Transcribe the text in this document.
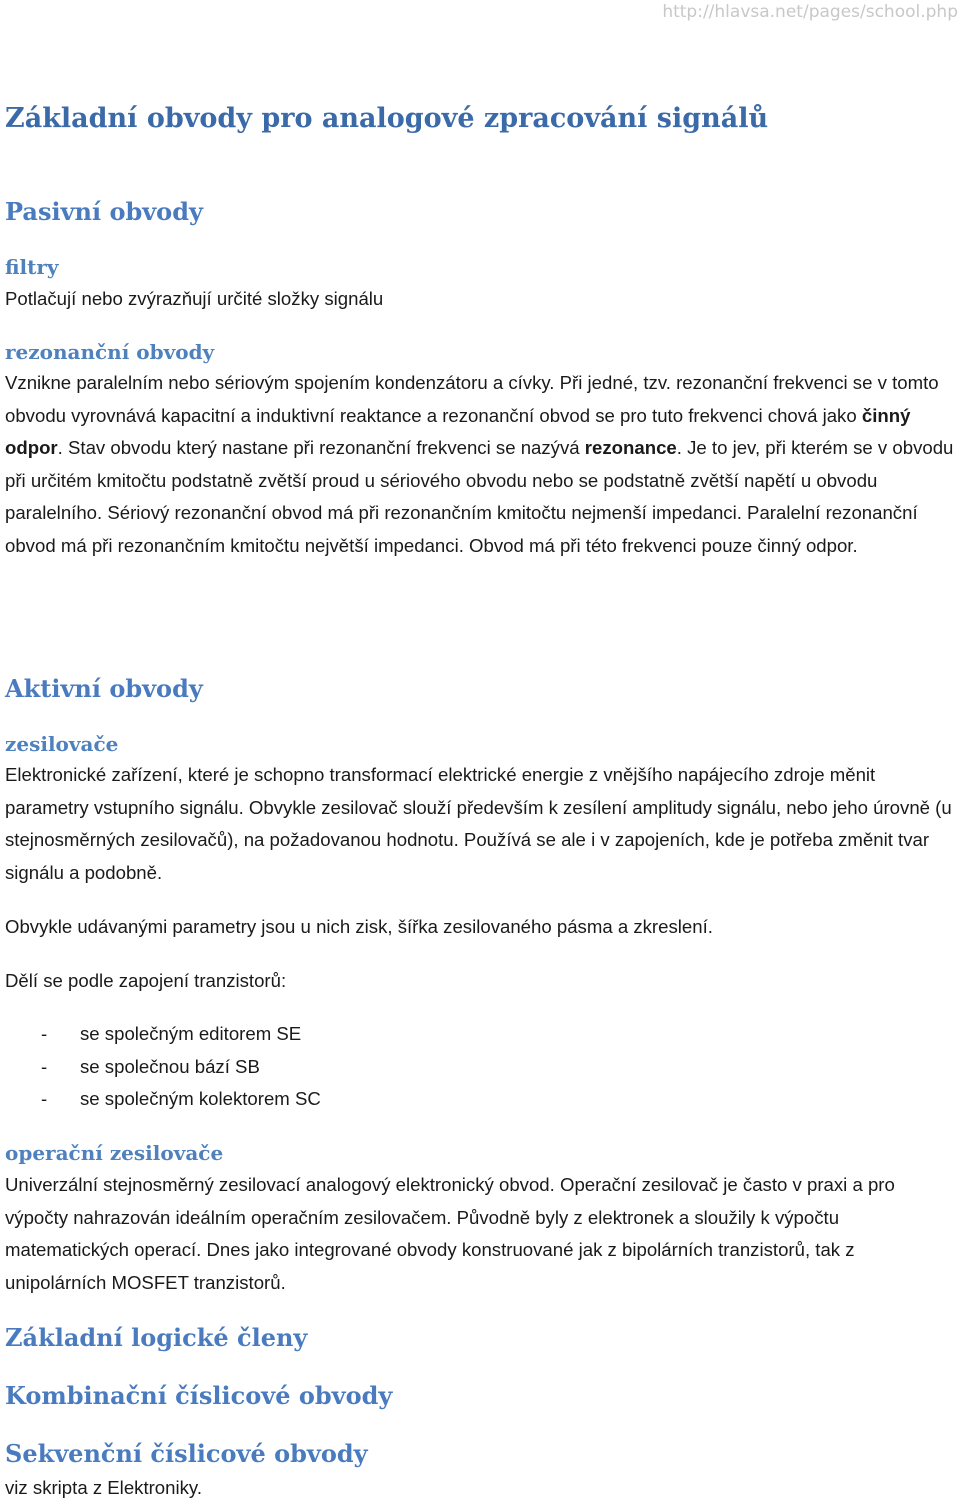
http://hlavsa.net/pages/school.php
Základní obvody pro analogové zpracování signálů
Pasivní obvody
filtry

Potlačují nebo zvýrazňují určité složky signálu

rezonanční obvody

Vznikne paralelním nebo sériovým spojením kondenzátoru a cívky. Při jedné, tzv. rezonanční frekvenci se v tomto obvodu vyrovnává kapacitní a induktivní reaktance a rezonanční obvod se pro tuto frekvenci chová jako činný odpor. Stav obvodu který nastane při rezonanční frekvenci se nazývá rezonance. Je to jev, při kterém se v obvodu při určitém kmitočtu podstatně zvětší proud u sériového obvodu nebo se podstatně zvětší napětí u obvodu paralelního. Sériový rezonanční obvod má při rezonančním kmitočtu nejmenší impedanci. Paralelní rezonanční obvod má při rezonančním kmitočtu největší impedanci. Obvod má při této frekvenci pouze činný odpor.

Aktivní obvody
zesilovače

Elektronické zařízení, které je schopno transformací elektrické energie z vnějšího napájecího zdroje měnit parametry vstupního signálu. Obvykle zesilovač slouží především k zesílení amplitudy signálu, nebo jeho úrovně (u stejnosměrných zesilovačů), na požadovanou hodnotu. Používá se ale i v zapojeních, kde je potřeba změnit tvar signálu a podobně.

Obvykle udávanými parametry jsou u nich zisk, šířka zesilovaného pásma a zkreslení.

Dělí se podle zapojení tranzistorů:

- se společným editorem SE
- se společnou bází SB
- se společným kolektorem SC
operační zesilovače

Univerzální stejnosměrný zesilovací analogový elektronický obvod. Operační zesilovač je často v praxi a pro výpočty nahrazován ideálním operačním zesilovačem. Původně byly z elektronek a sloužily k výpočtu matematických operací. Dnes jako integrované obvody konstruované jak z bipolárních tranzistorů, tak z unipolárních MOSFET tranzistorů.

Základní logické členy
Kombinační číslicové obvody
Sekvenční číslicové obvody

viz skripta z Elektroniky.
